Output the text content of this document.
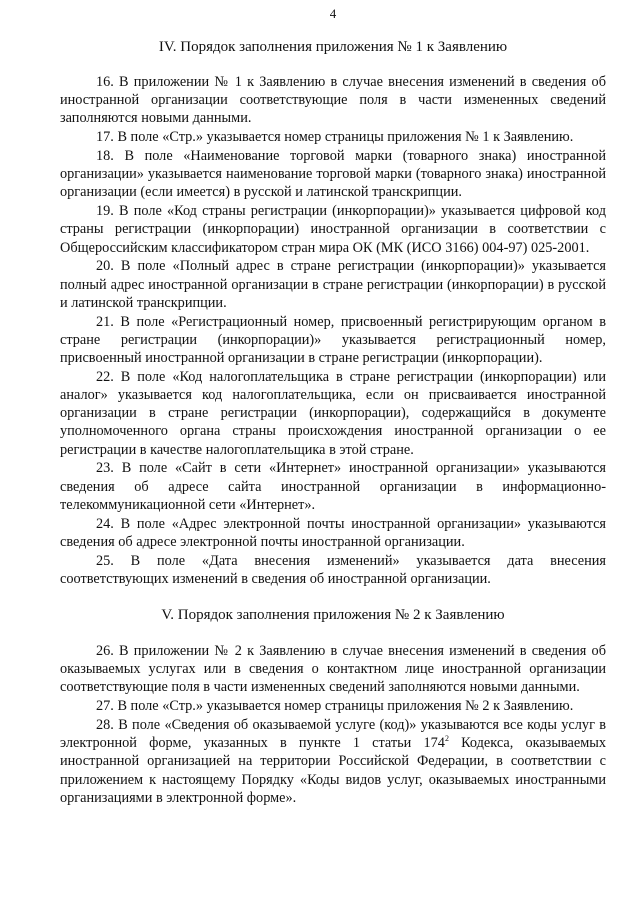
4
IV. Порядок заполнения приложения № 1 к Заявлению

16. В приложении № 1 к Заявлению в случае внесения изменений в сведения об иностранной организации соответствующие поля в части измененных сведений заполняются новыми данными.

17. В поле «Стр.» указывается номер страницы приложения № 1 к Заявлению.

18. В поле «Наименование торговой марки (товарного знака) иностранной организации» указывается наименование торговой марки (товарного знака) иностранной организации (если имеется) в русской и латинской транскрипции.

19. В поле «Код страны регистрации (инкорпорации)» указывается цифровой код страны регистрации (инкорпорации) иностранной организации в соответствии с Общероссийским классификатором стран мира ОК (МК (ИСО 3166) 004-97) 025-2001.

20. В поле «Полный адрес в стране регистрации (инкорпорации)» указывается полный адрес иностранной организации в стране регистрации (инкорпорации) в русской и латинской транскрипции.

21. В поле «Регистрационный номер, присвоенный регистрирующим органом в стране регистрации (инкорпорации)» указывается регистрационный номер, присвоенный иностранной организации в стране регистрации (инкорпорации).

22. В поле «Код налогоплательщика в стране регистрации (инкорпорации) или аналог» указывается код налогоплательщика, если он присваивается иностранной организации в стране регистрации (инкорпорации), содержащийся в документе уполномоченного органа страны происхождения иностранной организации о ее регистрации в качестве налогоплательщика в этой стране.

23. В поле «Сайт в сети «Интернет» иностранной организации» указываются сведения об адресе сайта иностранной организации в информационно-телекоммуникационной сети «Интернет».

24. В поле «Адрес электронной почты иностранной организации» указываются сведения об адресе электронной почты иностранной организации.

25. В поле «Дата внесения изменений» указывается дата внесения соответствующих изменений в сведения об иностранной организации.

V. Порядок заполнения приложения № 2 к Заявлению

26. В приложении № 2 к Заявлению в случае внесения изменений в сведения об оказываемых услугах или в сведения о контактном лице иностранной организации соответствующие поля в части измененных сведений заполняются новыми данными.

27. В поле «Стр.» указывается номер страницы приложения № 2 к Заявлению.

28. В поле «Сведения об оказываемой услуге (код)» указываются все коды услуг в электронной форме, указанных в пункте 1 статьи $174^2$ Кодекса, оказываемых иностранной организацией на территории Российской Федерации, в соответствии с приложением к настоящему Порядку «Коды видов услуг, оказываемых иностранными организациями в электронной форме».
